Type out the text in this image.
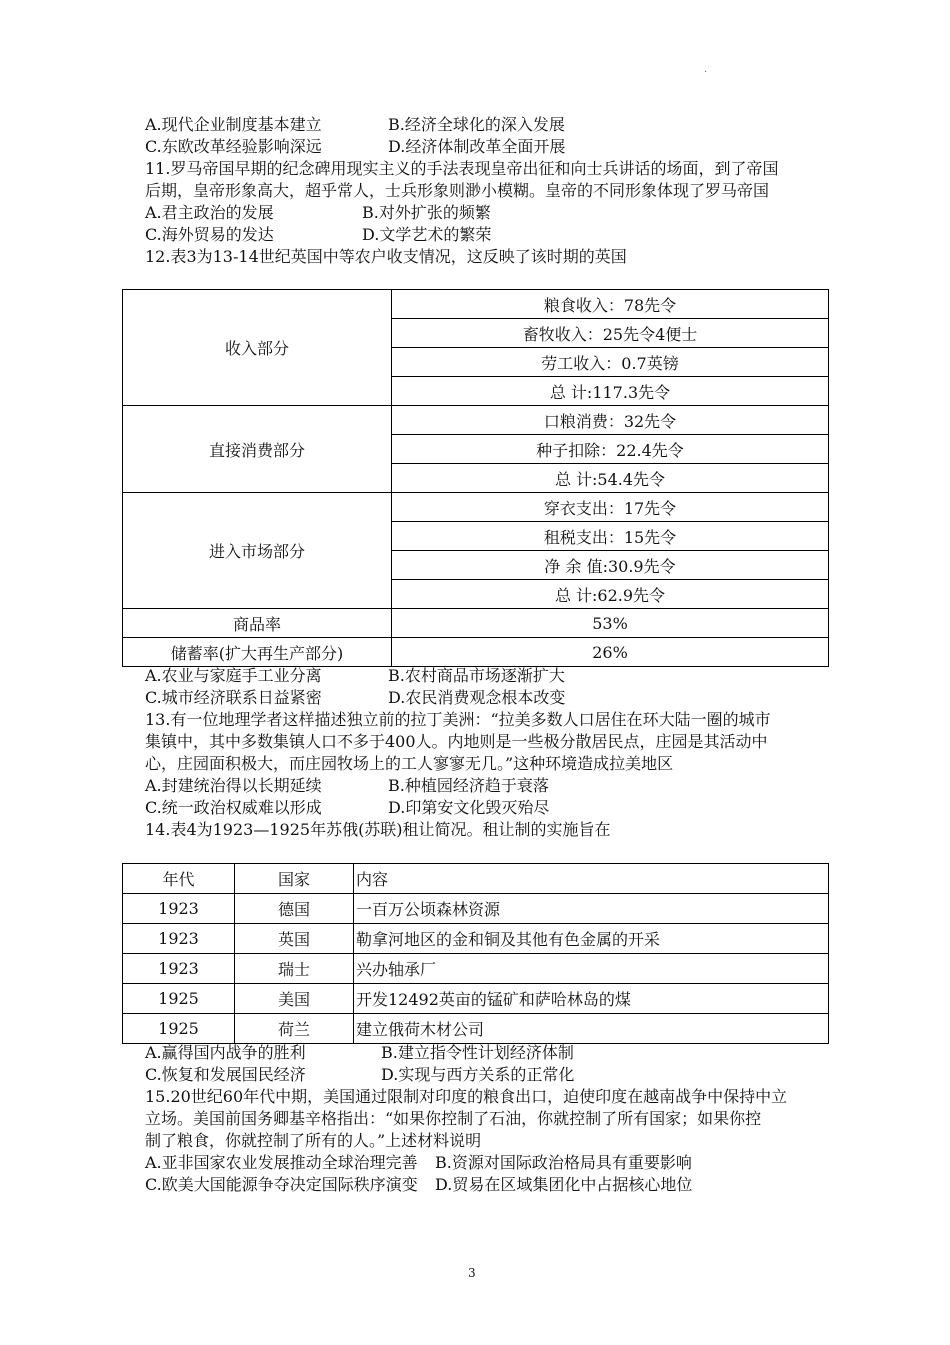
.
A.现代企业制度基本建立	B.经济全球化的深入发展
C.东欧改革经验影响深远	D.经济体制改革全面开展
11.罗马帝国早期的纪念碑用现实主义的手法表现皇帝出征和向士兵讲话的场面，到了帝国
后期，皇帝形象高大，超乎常人，士兵形象则渺小模糊。皇帝的不同形象体现了罗马帝国
A.君主政治的发展	B.对外扩张的频繁
C.海外贸易的发达	D.文学艺术的繁荣
12.表3为13-14世纪英国中等农户收支情况，这反映了该时期的英国
收入部分	粮食收入：78先令
	畜牧收入：25先令4便士
	劳工收入：0.7英镑
	总 计:117.3先令
直接消费部分	口粮消费：32先令
	种子扣除：22.4先令
	总 计:54.4先令
进入市场部分	穿衣支出：17先令
	租税支出：15先令
	净 余 值:30.9先令
	总 计:62.9先令
商品率	53%
储蓄率(扩大再生产部分)	26%
A.农业与家庭手工业分离	B.农村商品市场逐渐扩大
C.城市经济联系日益紧密	D.农民消费观念根本改变
13.有一位地理学者这样描述独立前的拉丁美洲：“拉美多数人口居住在环大陆一圈的城市
集镇中，其中多数集镇人口不多于400人。内地则是一些极分散居民点，庄园是其活动中
心，庄园面积极大，而庄园牧场上的工人寥寥无几。”这种环境造成拉美地区
A.封建统治得以长期延续	B.种植园经济趋于衰落
C.统一政治权威难以形成	D.印第安文化毁灭殆尽
14.表4为1923—1925年苏俄(苏联)租让简况。租让制的实施旨在
年代	国家	内容
1923	德国	一百万公顷森林资源
1923	英国	勒拿河地区的金和铜及其他有色金属的开采
1923	瑞士	兴办轴承厂
1925	美国	开发12492英亩的锰矿和萨哈林岛的煤
1925	荷兰	建立俄荷木材公司
A.赢得国内战争的胜利	B.建立指令性计划经济体制
C.恢复和发展国民经济	D.实现与西方关系的正常化
15.20世纪60年代中期，美国通过限制对印度的粮食出口，迫使印度在越南战争中保持中立
立场。美国前国务卿基辛格指出：“如果你控制了石油，你就控制了所有国家；如果你控
制了粮食，你就控制了所有的人。”上述材料说明
A.亚非国家农业发展推动全球治理完善 B.资源对国际政治格局具有重要影响
C.欧美大国能源争夺决定国际秩序演变 D.贸易在区域集团化中占据核心地位
3
